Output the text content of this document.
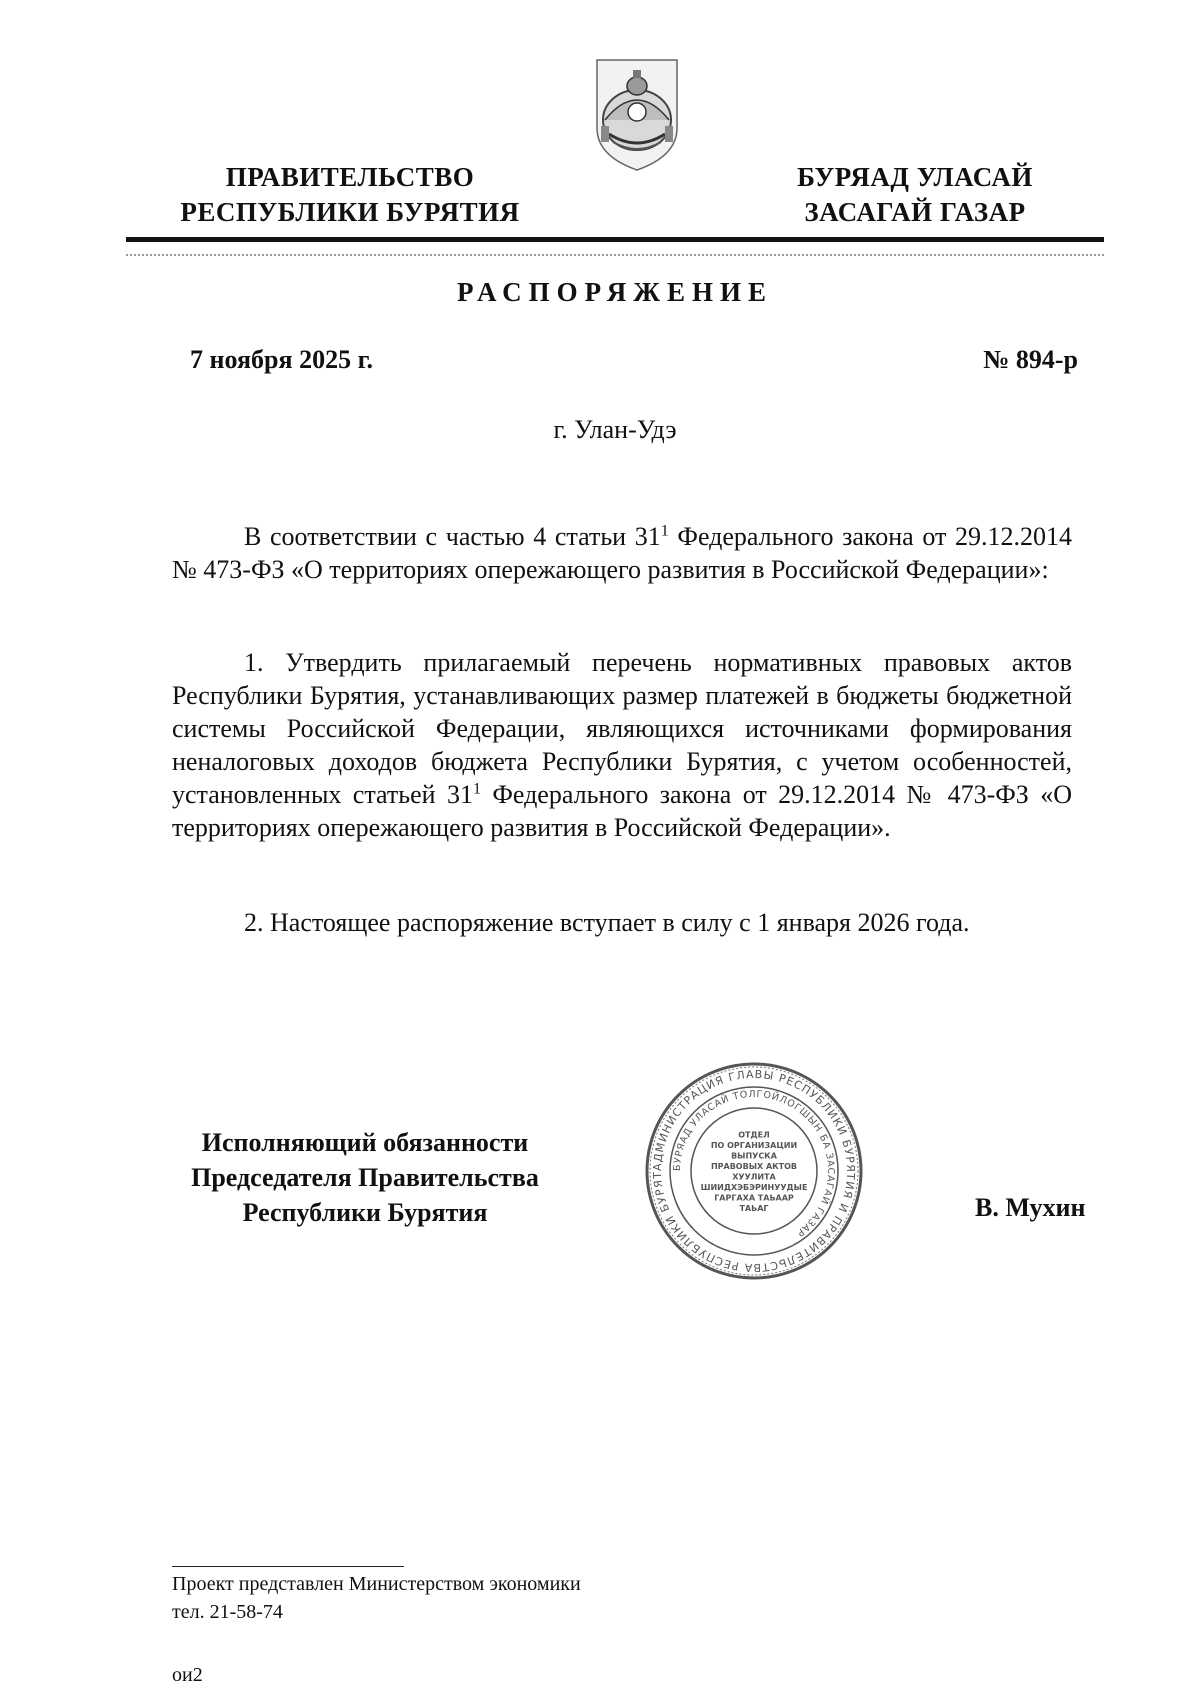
ПРАВИТЕЛЬСТВО
РЕСПУБЛИКИ БУРЯТИЯ
БУРЯАД УЛАСАЙ
ЗАСАГАЙ ГАЗАР
РАСПОРЯЖЕНИЕ
7 ноября 2025 г.	№ 894-р
г. Улан-Удэ
В соответствии с частью 4 статьи $31^1$ Федерального закона от 29.12.2014 № 473-ФЗ «О территориях опережающего развития в Российской Федерации»:
1. Утвердить прилагаемый перечень нормативных правовых актов Республики Бурятия, устанавливающих размер платежей в бюджеты бюджетной системы Российской Федерации, являющихся источниками формирования неналоговых доходов бюджета Республики Бурятия, с учетом особенностей, установленных статьей $31^1$ Федерального закона от 29.12.2014 № 473-ФЗ «О территориях опережающего развития в Российской Федерации».
2. Настоящее распоряжение вступает в силу с 1 января 2026 года.
Исполняющий обязанности
Председателя Правительства
Республики Бурятия	В. Мухин
АДМИНИСТРАЦИЯ ГЛАВЫ РЕСПУБЛИКИ БУРЯТИЯ И ПРАВИТЕЛЬСТВА РЕСПУБЛИКИ БУРЯТ
БУРЯАД УЛАСАЙ ТОЛГОЙЛОГШЫН БА ЗАСАГАЙ ГАЗАР
ОТДЕЛ
ПО ОРГАНИЗАЦИИ
ВЫПУСКА
ПРАВОВЫХ АКТОВ
ХУУЛИТА
ШИИДХЭБЭРИНУУДЫЕ
ГАРГАХА ТАЬААР
ТАЬАГ
Проект представлен Министерством экономики
тел. 21-58-74
ои2
